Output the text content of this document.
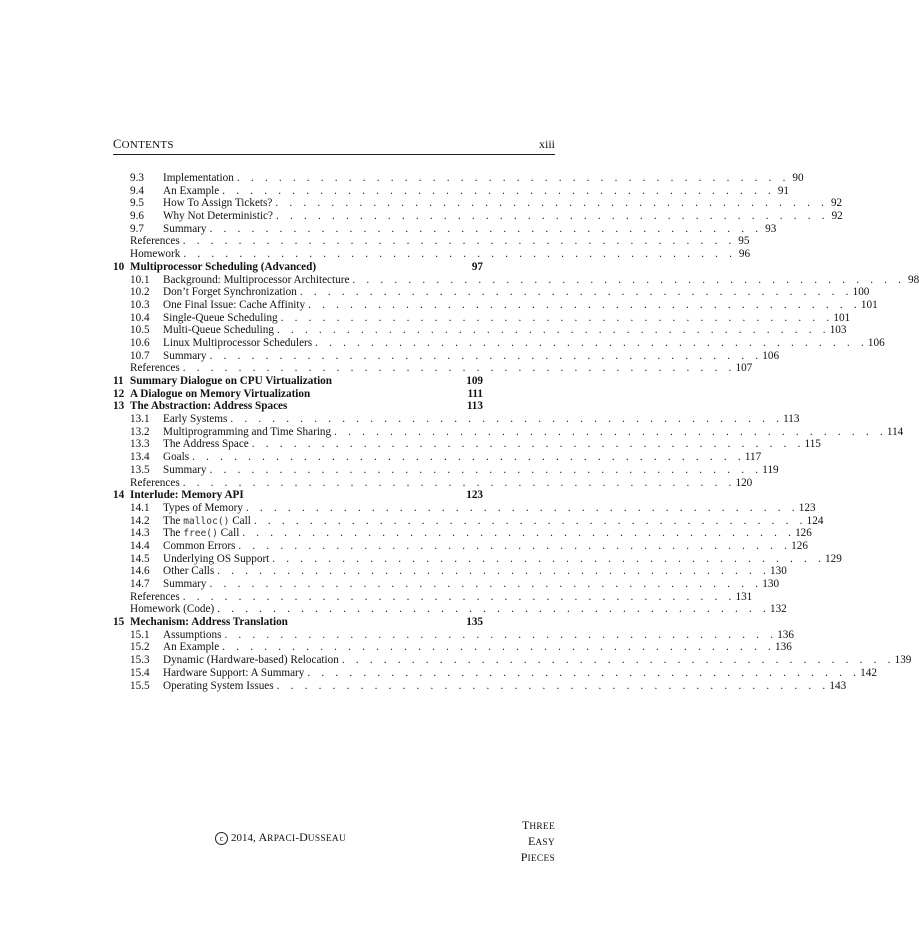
CONTENTS	xiii
9.3 Implementation . . . . . . . . . . . . . . . . . . . . . . . . . . . . . . . . . . . . . . . . 90
9.4 An Example . . . . . . . . . . . . . . . . . . . . . . . . . . . . . . . . . . . . . . . . 91
9.5 How To Assign Tickets? . . . . . . . . . . . . . . . . . . . . . . . . . . . . . . . . . . . . . . . . 92
9.6 Why Not Deterministic? . . . . . . . . . . . . . . . . . . . . . . . . . . . . . . . . . . . . . . . . 92
9.7 Summary . . . . . . . . . . . . . . . . . . . . . . . . . . . . . . . . . . . . . . . . 93
References . . . . . . . . . . . . . . . . . . . . . . . . . . . . . . . . . . . . . . . . 95
Homework . . . . . . . . . . . . . . . . . . . . . . . . . . . . . . . . . . . . . . . . 96
10 Multiprocessor Scheduling (Advanced)	97
10.1 Background: Multiprocessor Architecture . . . . . . . . . . . . . . . . . . . . . . . . . . . . . . . . . . . . . . . . 98
10.2 Don’t Forget Synchronization . . . . . . . . . . . . . . . . . . . . . . . . . . . . . . . . . . . . . . . . 100
10.3 One Final Issue: Cache Affinity . . . . . . . . . . . . . . . . . . . . . . . . . . . . . . . . . . . . . . . . 101
10.4 Single-Queue Scheduling . . . . . . . . . . . . . . . . . . . . . . . . . . . . . . . . . . . . . . . . 101
10.5 Multi-Queue Scheduling . . . . . . . . . . . . . . . . . . . . . . . . . . . . . . . . . . . . . . . . 103
10.6 Linux Multiprocessor Schedulers . . . . . . . . . . . . . . . . . . . . . . . . . . . . . . . . . . . . . . . . 106
10.7 Summary . . . . . . . . . . . . . . . . . . . . . . . . . . . . . . . . . . . . . . . . 106
References . . . . . . . . . . . . . . . . . . . . . . . . . . . . . . . . . . . . . . . . 107
11 Summary Dialogue on CPU Virtualization	109
12 A Dialogue on Memory Virtualization	111
13 The Abstraction: Address Spaces	113
13.1 Early Systems . . . . . . . . . . . . . . . . . . . . . . . . . . . . . . . . . . . . . . . . 113
13.2 Multiprogramming and Time Sharing . . . . . . . . . . . . . . . . . . . . . . . . . . . . . . . . . . . . . . . . 114
13.3 The Address Space . . . . . . . . . . . . . . . . . . . . . . . . . . . . . . . . . . . . . . . . 115
13.4 Goals . . . . . . . . . . . . . . . . . . . . . . . . . . . . . . . . . . . . . . . . 117
13.5 Summary . . . . . . . . . . . . . . . . . . . . . . . . . . . . . . . . . . . . . . . . 119
References . . . . . . . . . . . . . . . . . . . . . . . . . . . . . . . . . . . . . . . . 120
14 Interlude: Memory API	123
14.1 Types of Memory . . . . . . . . . . . . . . . . . . . . . . . . . . . . . . . . . . . . . . . . 123
14.2 The malloc() Call . . . . . . . . . . . . . . . . . . . . . . . . . . . . . . . . . . . . . . . . 124
14.3 The free() Call . . . . . . . . . . . . . . . . . . . . . . . . . . . . . . . . . . . . . . . . 126
14.4 Common Errors . . . . . . . . . . . . . . . . . . . . . . . . . . . . . . . . . . . . . . . . 126
14.5 Underlying OS Support . . . . . . . . . . . . . . . . . . . . . . . . . . . . . . . . . . . . . . . . 129
14.6 Other Calls . . . . . . . . . . . . . . . . . . . . . . . . . . . . . . . . . . . . . . . . 130
14.7 Summary . . . . . . . . . . . . . . . . . . . . . . . . . . . . . . . . . . . . . . . . 130
References . . . . . . . . . . . . . . . . . . . . . . . . . . . . . . . . . . . . . . . . 131
Homework (Code) . . . . . . . . . . . . . . . . . . . . . . . . . . . . . . . . . . . . . . . . 132
15 Mechanism: Address Translation	135
15.1 Assumptions . . . . . . . . . . . . . . . . . . . . . . . . . . . . . . . . . . . . . . . . 136
15.2 An Example . . . . . . . . . . . . . . . . . . . . . . . . . . . . . . . . . . . . . . . . 136
15.3 Dynamic (Hardware-based) Relocation . . . . . . . . . . . . . . . . . . . . . . . . . . . . . . . . . . . . . . . . 139
15.4 Hardware Support: A Summary . . . . . . . . . . . . . . . . . . . . . . . . . . . . . . . . . . . . . . . . 142
15.5 Operating System Issues . . . . . . . . . . . . . . . . . . . . . . . . . . . . . . . . . . . . . . . . 143
c 2014, ARPACI-DUSSEAU
THREE
EASY
PIECES
